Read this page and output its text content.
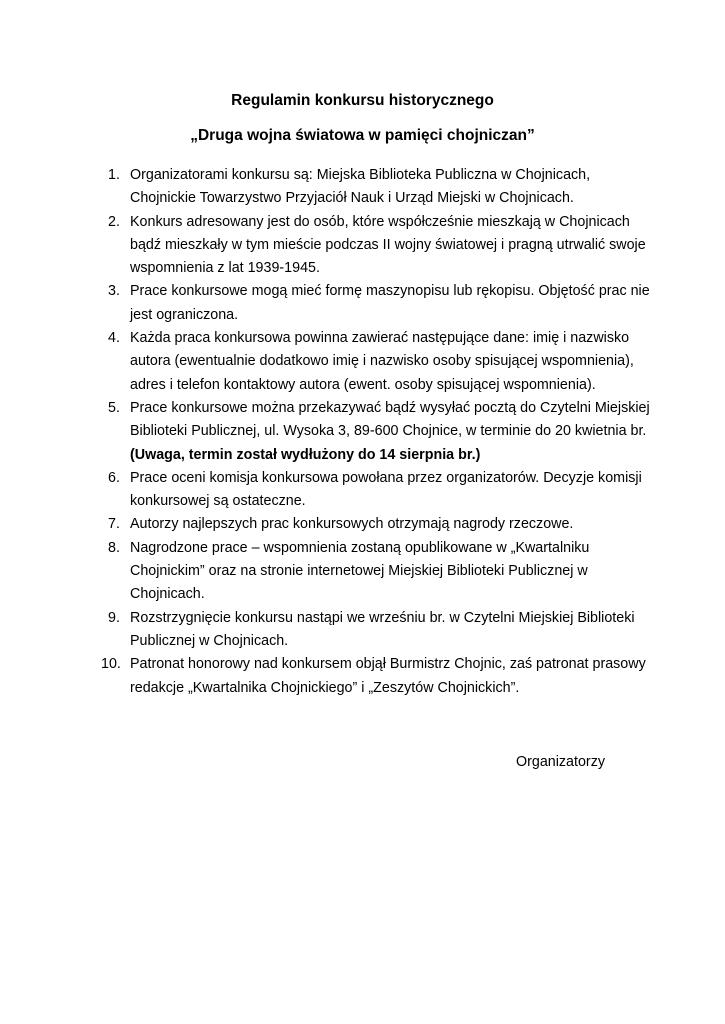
Regulamin konkursu historycznego
„Druga wojna światowa w pamięci chojniczan”
1. Organizatorami konkursu są: Miejska Biblioteka Publiczna w Chojnicach, Chojnickie Towarzystwo Przyjaciół Nauk i Urząd Miejski w Chojnicach.
2. Konkurs adresowany jest do osób, które współcześnie mieszkają w Chojnicach bądź mieszkały w tym mieście podczas II wojny światowej i pragną utrwalić swoje wspomnienia z lat 1939-1945.
3. Prace konkursowe mogą mieć formę maszynopisu lub rękopisu. Objętość prac nie jest ograniczona.
4. Każda praca konkursowa powinna zawierać następujące dane: imię i nazwisko autora (ewentualnie dodatkowo imię i nazwisko osoby spisującej wspomnienia), adres i telefon kontaktowy autora (ewent. osoby spisującej wspomnienia).
5. Prace konkursowe można przekazywać bądź wysyłać pocztą do Czytelni Miejskiej Biblioteki Publicznej, ul. Wysoka 3, 89-600 Chojnice, w terminie do 20 kwietnia br. (Uwaga, termin został wydłużony do 14 sierpnia br.)
6. Prace oceni komisja konkursowa powołana przez organizatorów. Decyzje komisji konkursowej są ostateczne.
7. Autorzy najlepszych prac konkursowych otrzymają nagrody rzeczowe.
8. Nagrodzone prace – wspomnienia zostaną opublikowane w „Kwartalniku Chojnickim” oraz na stronie internetowej Miejskiej Biblioteki Publicznej w Chojnicach.
9. Rozstrzygnięcie konkursu nastąpi we wrześniu br. w Czytelni Miejskiej Biblioteki Publicznej w Chojnicach.
10. Patronat honorowy nad konkursem objął Burmistrz Chojnic, zaś patronat prasowy redakcje „Kwartalnika Chojnickiego” i „Zeszytów Chojnickich”.

Organizatorzy
